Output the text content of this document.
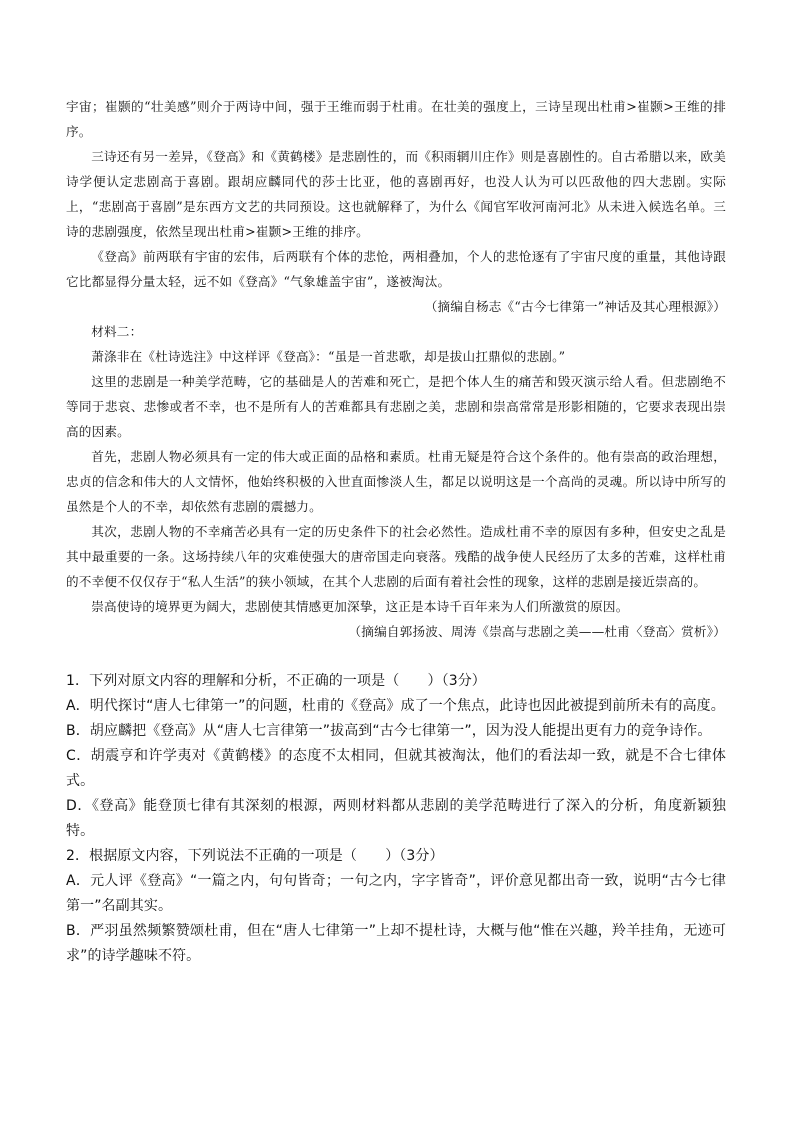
宇宙；崔颢的“壮美感”则介于两诗中间，强于王维而弱于杜甫。在壮美的强度上，三诗呈现出杜甫>崔颢>王维的排序。

三诗还有另一差异，《登高》和《黄鹤楼》是悲剧性的，而《积雨辋川庄作》则是喜剧性的。自古希腊以来，欧美诗学便认定悲剧高于喜剧。跟胡应麟同代的莎士比亚，他的喜剧再好，也没人认为可以匹敌他的四大悲剧。实际上，“悲剧高于喜剧”是东西方文艺的共同预设。这也就解释了，为什么《闻官军收河南河北》从未进入候选名单。三诗的悲剧强度，依然呈现出杜甫>崔颢>王维的排序。

《登高》前两联有宇宙的宏伟，后两联有个体的悲怆，两相叠加，个人的悲怆逐有了宇宙尺度的重量，其他诗跟它比都显得分量太轻，远不如《登高》“气象雄盖宇宙”，遂被淘汰。

（摘编自杨志《“古今七律第一”神话及其心理根源》）

材料二：

萧涤非在《杜诗选注》中这样评《登高》：“虽是一首悲歌，却是拔山扛鼎似的悲剧。”

这里的悲剧是一种美学范畴，它的基础是人的苦难和死亡，是把个体人生的痛苦和毁灭演示给人看。但悲剧绝不等同于悲哀、悲惨或者不幸，也不是所有人的苦难都具有悲剧之美，悲剧和崇高常常是形影相随的，它要求表现出崇高的因素。

首先，悲剧人物必须具有一定的伟大或正面的品格和素质。杜甫无疑是符合这个条件的。他有崇高的政治理想，忠贞的信念和伟大的人文情怀，他始终积极的入世直面惨淡人生，都足以说明这是一个高尚的灵魂。所以诗中所写的虽然是个人的不幸，却依然有悲剧的震撼力。

其次，悲剧人物的不幸痛苦必具有一定的历史条件下的社会必然性。造成杜甫不幸的原因有多种，但安史之乱是其中最重要的一条。这场持续八年的灾难使强大的唐帝国走向衰落。残酷的战争使人民经历了太多的苦难，这样杜甫的不幸便不仅仅存于“私人生活”的狭小领域，在其个人悲剧的后面有着社会性的现象，这样的悲剧是接近崇高的。

崇高使诗的境界更为阔大，悲剧使其情感更加深挚，这正是本诗千百年来为人们所激赏的原因。

（摘编自郭扬波、周涛《崇高与悲剧之美——杜甫〈登高〉赏析》）

1．下列对原文内容的理解和分析，不正确的一项是（　　）（3分）

A．明代探讨“唐人七律第一”的问题，杜甫的《登高》成了一个焦点，此诗也因此被提到前所未有的高度。

B．胡应麟把《登高》从“唐人七言律第一”拔高到“古今七律第一”，因为没人能提出更有力的竞争诗作。

C．胡震亨和许学夷对《黄鹤楼》的态度不太相同，但就其被淘汰，他们的看法却一致，就是不合七律体式。

D．《登高》能登顶七律有其深刻的根源，两则材料都从悲剧的美学范畴进行了深入的分析，角度新颖独特。

2．根据原文内容，下列说法不正确的一项是（　　）（3分）

A．元人评《登高》“一篇之内，句句皆奇；一句之内，字字皆奇”，评价意见都出奇一致，说明“古今七律第一”名副其实。

B．严羽虽然频繁赞颂杜甫，但在“唐人七律第一”上却不提杜诗，大概与他“惟在兴趣，羚羊挂角，无迹可求”的诗学趣味不符。
